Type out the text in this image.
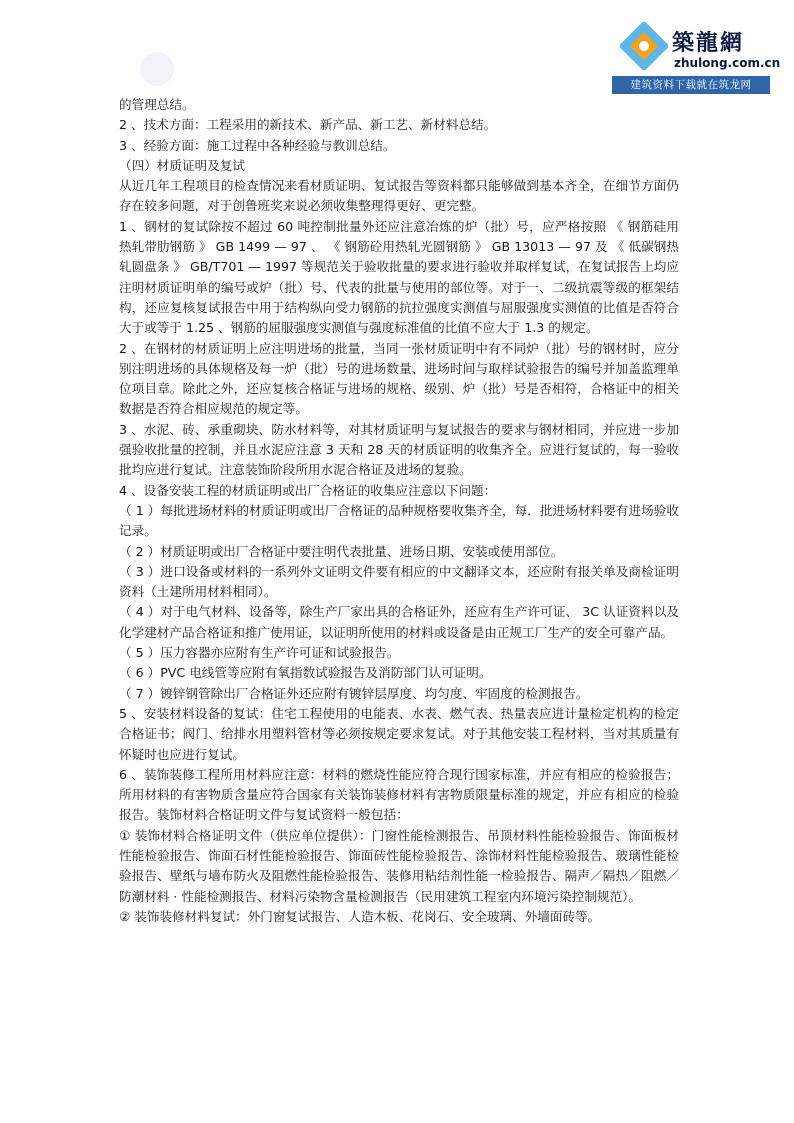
築龍網
zhulong.com.cn
建筑资料下载就在筑龙网

的管理总结。

2 、技术方面：工程采用的新技术、新产品、新工艺、新材料总结。

3 、经验方面：施工过程中各种经验与教训总结。

（四）材质证明及复试

从近几年工程项目的检查情况来看材质证明、复试报告等资料都只能够做到基本齐全，在细节方面仍存在较多问题，对于创鲁班奖来说必须收集整理得更好、更完整。

1 、钢材的复试除按不超过 60 吨控制批量外还应注意冶炼的炉（批）号，应严格按照 《 钢筋硅用热轧带肋钢筋 》 GB 1499 — 97 、 《 钢筋砼用热轧光圆钢筋 》 GB 13013 — 97 及 《 低碳钢热轧圆盘条 》 GB/T701 — 1997 等规范关于验收批量的要求进行验收并取样复试，在复试报告上均应注明材质证明单的编号或炉（批）号、代表的批量与使用的部位等。对于一、二级抗震等级的框架结构，还应复核复试报告中用于结构纵向受力钢筋的抗拉强度实测值与屈服强度实测值的比值是否符合大于或等于 1.25 、钢筋的屈服强度实测值与强度标准值的比值不应大于 1.3 的规定。

2 、在钢材的材质证明上应注明进场的批量，当同一张材质证明中有不同炉（批）号的钢材时，应分别注明进场的具体规格及每一炉（批）号的进场数量、进场时间与取样试验报告的编号并加盖监理单位项目章。除此之外，还应复核合格证与进场的规格、级别、炉（批）号是否相符，合格证中的相关数据是否符合相应规范的规定等。

3 、水泥、砖、承重砌块、防水材料等，对其材质证明与复试报告的要求与钢材相同，并应进一步加强验收批量的控制，并且水泥应注意 3 天和 28 天的材质证明的收集齐全。应进行复试的，每一验收批均应进行复试。注意装饰阶段所用水泥合格证及进场的复验。

4 、设备安装工程的材质证明或出厂合格证的收集应注意以下问题：

（ 1 ）每批进场材料的材质证明或出厂合格证的品种规格要收集齐全，每．批进场材料要有进场验收记录。

（ 2 ）材质证明或出厂合格证中要注明代表批量、进场日期、安装或使用部位。

（ 3 ）进口设备或材料的一系列外文证明文件要有相应的中文翻译文本，还应附有报关单及商检证明资料（土建所用材料相同）。

（ 4 ）对于电气材料、设备等，除生产厂家出具的合格证外，还应有生产许可证、 3C 认证资料以及化学建材产品合格证和推广使用证，以证明所使用的材料或设备是由正规工厂生产的安全可靠产品。

（ 5 ）压力容器亦应附有生产许可证和试验报告。

（ 6 ）PVC 电线管等应附有氧指数试验报告及消防部门认可证明。

（ 7 ）镀锌钢管除出厂合格证外还应附有镀锌层厚度、均匀度、牢固度的检测报告。

5 、安装材料设备的复试：住宅工程使用的电能表、水表、燃气表、热量表应进计量检定机构的检定合格证书；阀门、给排水用塑料管材等必须按规定要求复试。对于其他安装工程材料，当对其质量有怀疑时也应进行复试。

6 、装饰装修工程所用材料应注意：材料的燃烧性能应符合现行国家标准，并应有相应的检验报告；所用材料的有害物质含量应符合国家有关装饰装修材料有害物质限量标准的规定，并应有相应的检验报告。装饰材料合格证明文件与复试资料一般包括：

① 装饰材料合格证明文件（供应单位提供）：门窗性能检测报告、吊顶材料性能检验报告、饰面板材性能检验报告、饰面石材性能检验报告、饰面砖性能检验报告、涂饰材料性能检验报告、玻璃性能检验报告、壁纸与墙布防火及阻燃性能检验报告、装修用粘结剂性能一检验报告、隔声／隔热／阻燃／防潮材料 · 性能检测报告、材料污染物含量检测报告（民用建筑工程室内环境污染控制规范）。

② 装饰装修材料复试：外门窗复试报告、人造木板、花岗石、安全玻璃、外墙面砖等。
